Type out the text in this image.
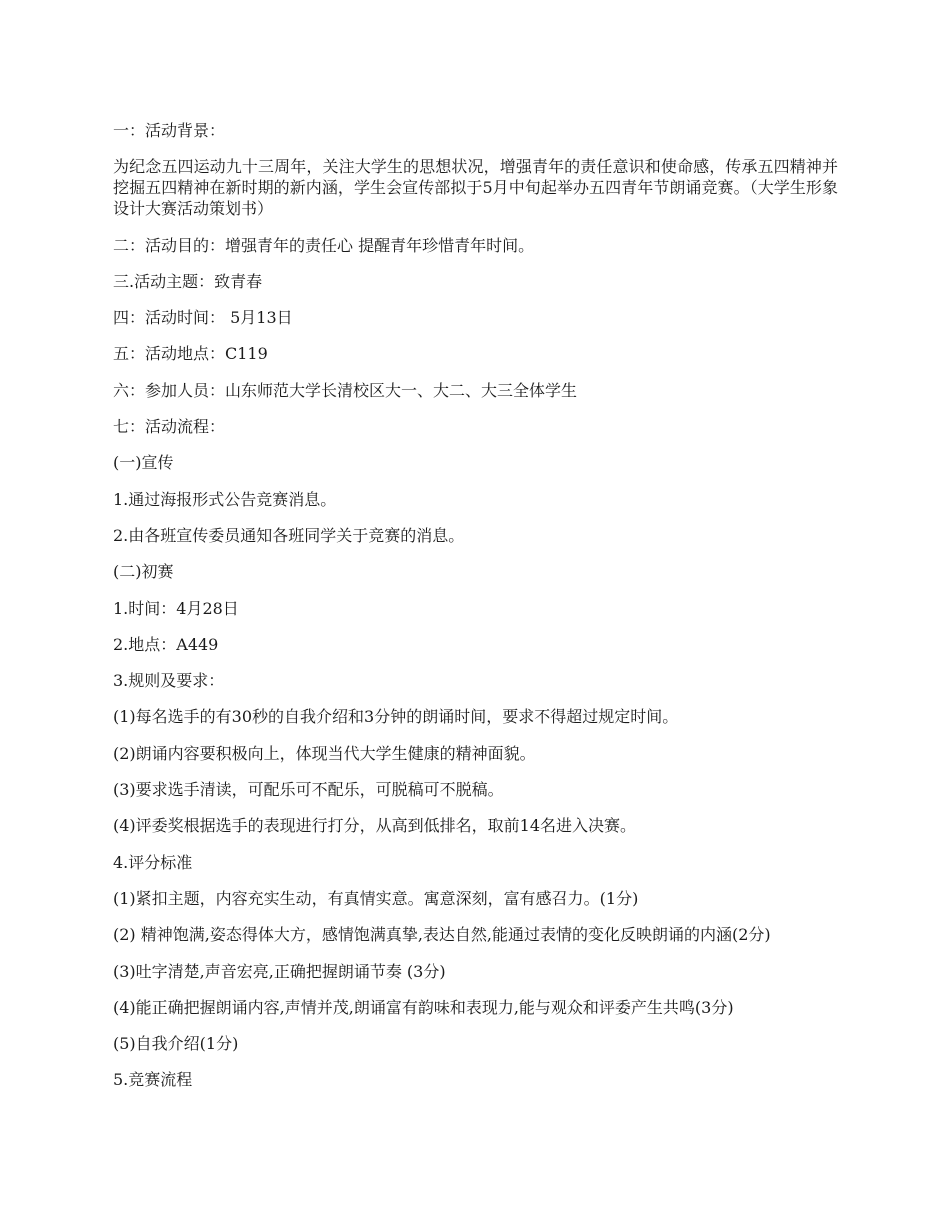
一：活动背景：

为纪念五四运动九十三周年，关注大学生的思想状况，增强青年的责任意识和使命感，传承五四精神并挖掘五四精神在新时期的新内涵，学生会宣传部拟于5月中旬起举办五四青年节朗诵竞赛。（大学生形象设计大赛活动策划书）

二：活动目的：增强青年的责任心 提醒青年珍惜青年时间。

三.活动主题：致青春

四：活动时间： 5月13日

五：活动地点：C119

六：参加人员：山东师范大学长清校区大一、大二、大三全体学生

七：活动流程：

(一)宣传

1.通过海报形式公告竞赛消息。

2.由各班宣传委员通知各班同学关于竞赛的消息。

(二)初赛

1.时间：4月28日

2.地点：A449

3.规则及要求：

(1)每名选手的有30秒的自我介绍和3分钟的朗诵时间，要求不得超过规定时间。

(2)朗诵内容要积极向上，体现当代大学生健康的精神面貌。

(3)要求选手清读，可配乐可不配乐，可脱稿可不脱稿。

(4)评委奖根据选手的表现进行打分，从高到低排名，取前14名进入决赛。

4.评分标准

(1)紧扣主题，内容充实生动，有真情实意。寓意深刻，富有感召力。(1分)

(2) 精神饱满,姿态得体大方，感情饱满真挚,表达自然,能通过表情的变化反映朗诵的内涵(2分)

(3)吐字清楚,声音宏亮,正确把握朗诵节奏 (3分)

(4)能正确把握朗诵内容,声情并茂,朗诵富有韵味和表现力,能与观众和评委产生共鸣(3分)

(5)自我介绍(1分)

5.竞赛流程
